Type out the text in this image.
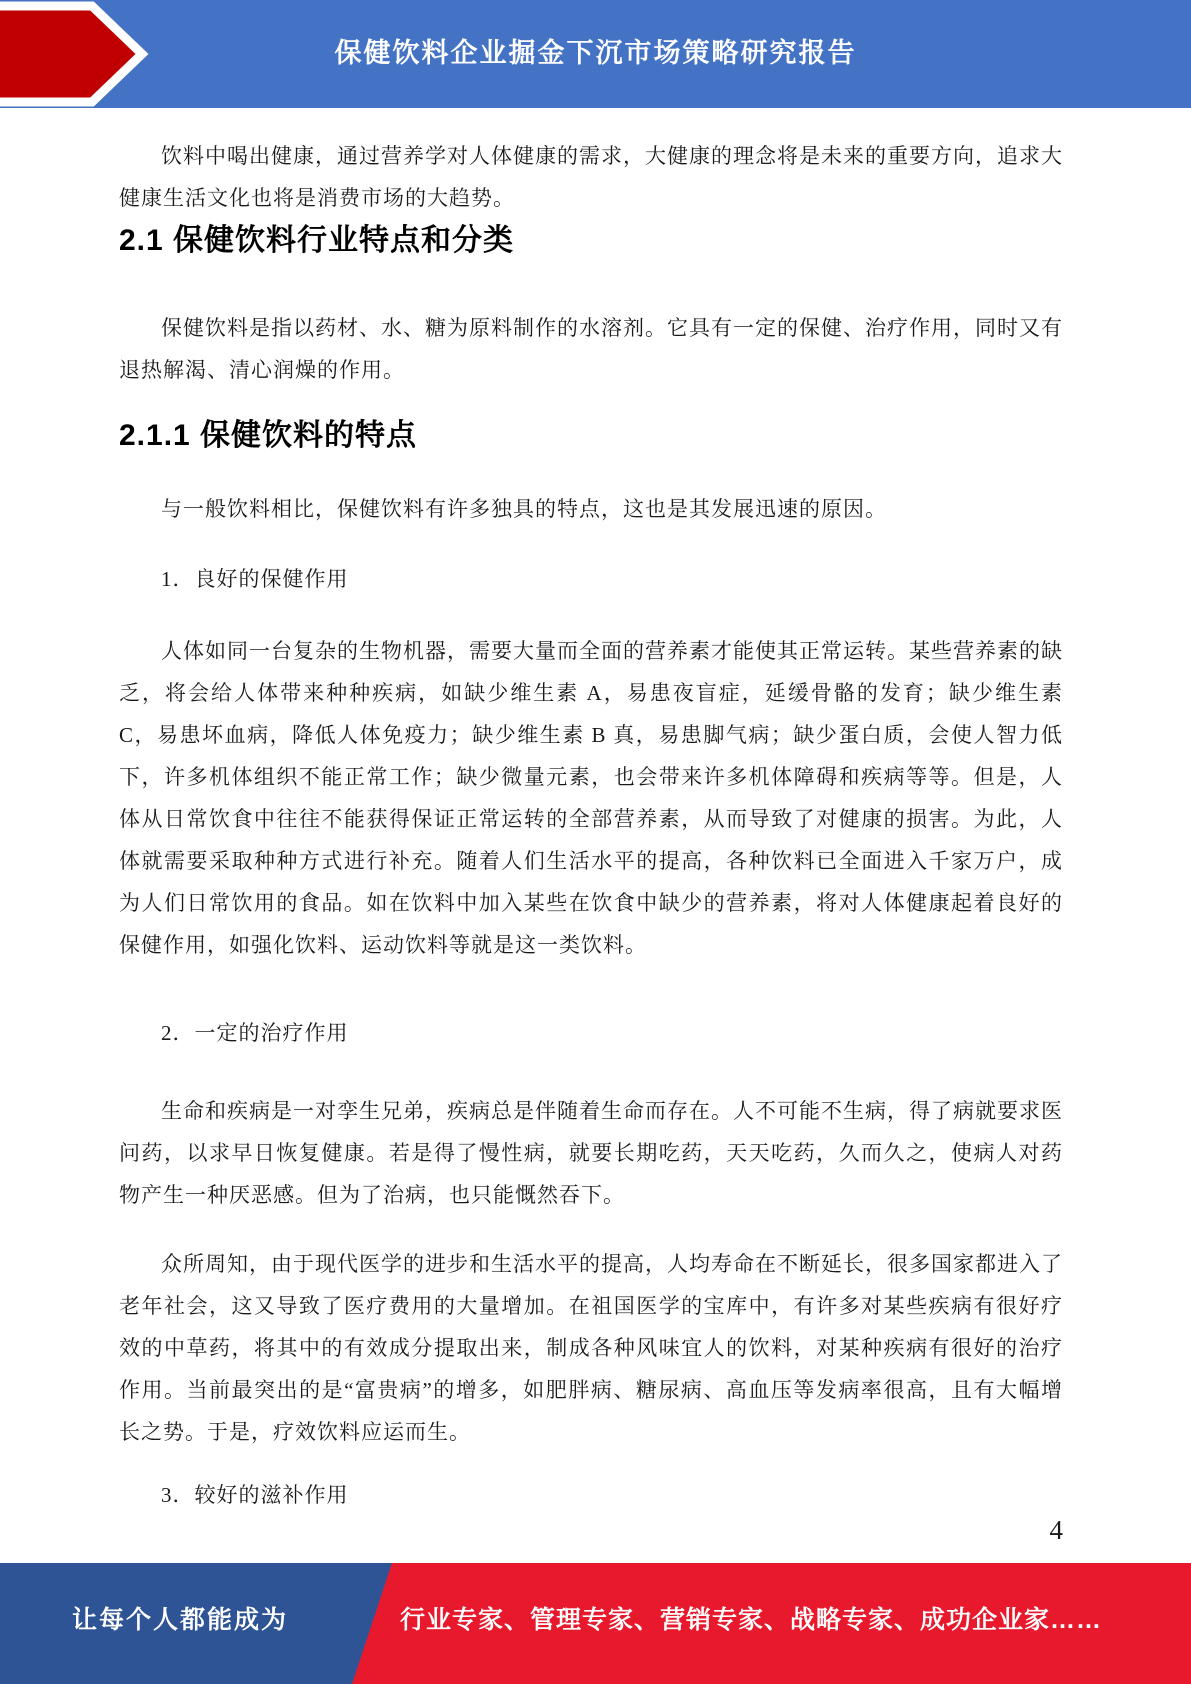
保健饮料企业掘金下沉市场策略研究报告

饮料中喝出健康，通过营养学对人体健康的需求，大健康的理念将是未来的重要方向，追求大健康生活文化也将是消费市场的大趋势。

2.1 保健饮料行业特点和分类

保健饮料是指以药材、水、糖为原料制作的水溶剂。它具有一定的保健、治疗作用，同时又有退热解渴、清心润燥的作用。

2.1.1 保健饮料的特点

与一般饮料相比，保健饮料有许多独具的特点，这也是其发展迅速的原因。

1．良好的保健作用

人体如同一台复杂的生物机器，需要大量而全面的营养素才能使其正常运转。某些营养素的缺乏，将会给人体带来种种疾病，如缺少维生素 A，易患夜盲症，延缓骨骼的发育；缺少维生素 C，易患坏血病，降低人体免疫力；缺少维生素 B 真，易患脚气病；缺少蛋白质，会使人智力低下，许多机体组织不能正常工作；缺少微量元素，也会带来许多机体障碍和疾病等等。但是，人体从日常饮食中往往不能获得保证正常运转的全部营养素，从而导致了对健康的损害。为此，人体就需要采取种种方式进行补充。随着人们生活水平的提高，各种饮料已全面进入千家万户，成为人们日常饮用的食品。如在饮料中加入某些在饮食中缺少的营养素，将对人体健康起着良好的保健作用，如强化饮料、运动饮料等就是这一类饮料。

2．一定的治疗作用

生命和疾病是一对孪生兄弟，疾病总是伴随着生命而存在。人不可能不生病，得了病就要求医问药，以求早日恢复健康。若是得了慢性病，就要长期吃药，天天吃药，久而久之，使病人对药物产生一种厌恶感。但为了治病，也只能慨然吞下。

众所周知，由于现代医学的进步和生活水平的提高，人均寿命在不断延长，很多国家都进入了老年社会，这又导致了医疗费用的大量增加。在祖国医学的宝库中，有许多对某些疾病有很好疗效的中草药，将其中的有效成分提取出来，制成各种风味宜人的饮料，对某种疾病有很好的治疗作用。当前最突出的是“富贵病”的增多，如肥胖病、糖尿病、高血压等发病率很高，且有大幅增长之势。于是，疗效饮料应运而生。

3．较好的滋补作用

4
让每个人都能成为	行业专家、管理专家、营销专家、战略专家、成功企业家……
